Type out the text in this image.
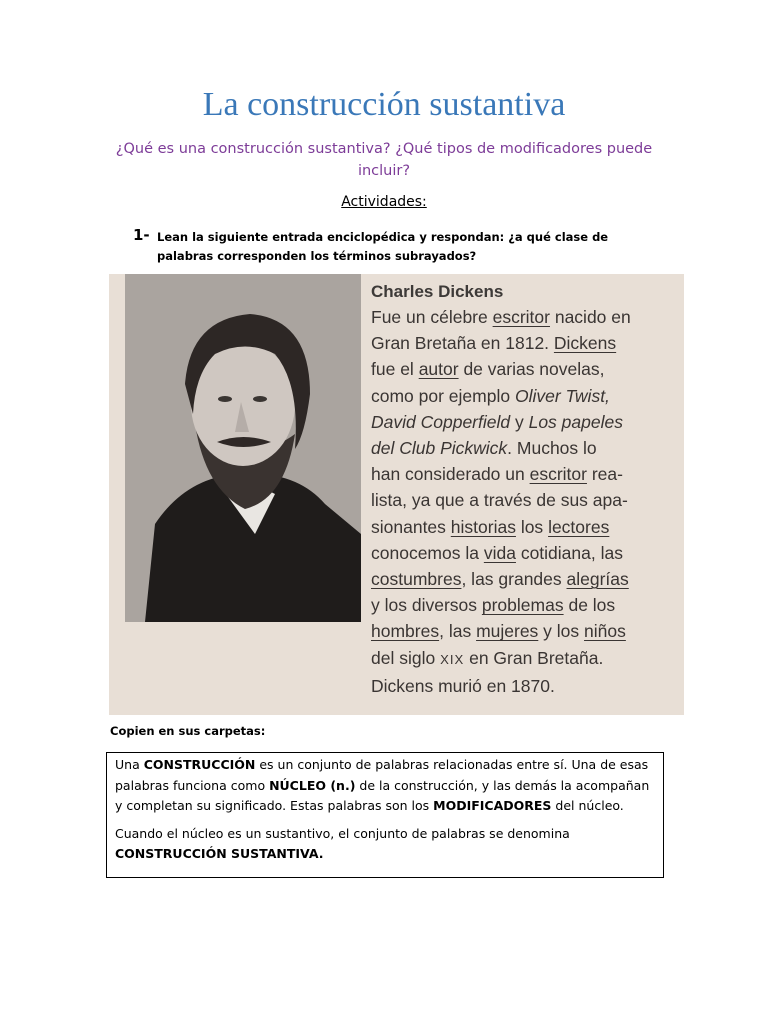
La construcción sustantiva
¿Qué es una construcción sustantiva? ¿Qué tipos de modificadores puede incluir?
Actividades:
1- Lean la siguiente entrada enciclopédica y respondan: ¿a qué clase de palabras corresponden los términos subrayados?
Charles Dickens
Fue un célebre escritor nacido en
Gran Bretaña en 1812. Dickens
fue el autor de varias novelas,
como por ejemplo Oliver Twist,
David Copperfield y Los papeles
del Club Pickwick. Muchos lo
han considerado un escritor rea-
lista, ya que a través de sus apa-
sionantes historias los lectores
conocemos la vida cotidiana, las
costumbres, las grandes alegrías
y los diversos problemas de los
hombres, las mujeres y los niños
del siglo XIX en Gran Bretaña.
Dickens murió en 1870.
Copien en sus carpetas:

Una CONSTRUCCIÓN es un conjunto de palabras relacionadas entre sí. Una de esas palabras funciona como NÚCLEO (n.) de la construcción, y las demás la acompañan y completan su significado. Estas palabras son los MODIFICADORES del núcleo.

Cuando el núcleo es un sustantivo, el conjunto de palabras se denomina CONSTRUCCIÓN SUSTANTIVA.
